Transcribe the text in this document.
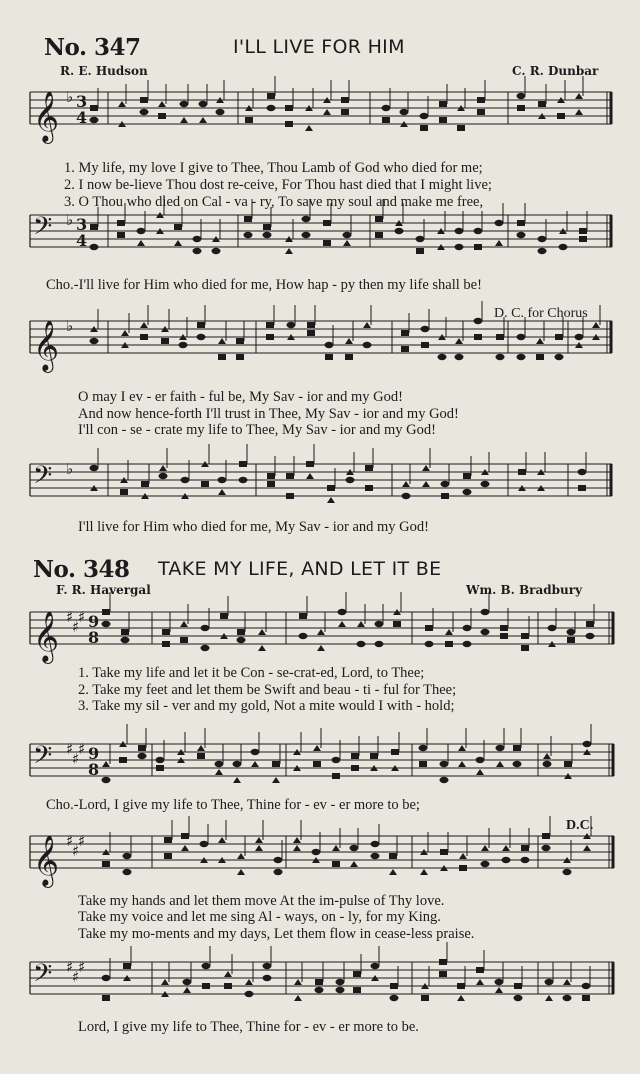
No. 347	I'LL LIVE FOR HIM
R. E. Hudson	C. R. Dunbar
𝄞 ♭ 3
4
𝄢 ♭ 3
4
𝄞 ♭
𝄢 ♭
𝄞 ♯
♯
♯ 9
8
𝄢 ♯
♯
♯ 9
8
𝄞 ♯
♯
♯
𝄢 ♯
♯
♯
1. My life, my love I give to Thee, Thou Lamb of God who died for me;
2. I now be-lieve Thou dost re-ceive, For Thou hast died that I might live;
3. O Thou who died on Cal - va - ry, To save my soul and make me free,
Cho.-I'll live for Him who died for me, How hap - py then my life shall be!
D. C. for Chorus
O may I ev - er faith - ful be, My Sav - ior and my God!
And now hence-forth I'll trust in Thee, My Sav - ior and my God!
I'll con - se - crate my life to Thee, My Sav - ior and my God!
I'll live for Him who died for me, My Sav - ior and my God!
No. 348 TAKE MY LIFE, AND LET IT BE
F. R. Havergal	Wm. B. Bradbury
1. Take my life and let it be Con - se-crat-ed, Lord, to Thee;
2. Take my feet and let them be Swift and beau - ti - ful for Thee;
3. Take my sil - ver and my gold, Not a mite would I with - hold;
Cho.-Lord, I give my life to Thee, Thine for - ev - er more to be;
D.C.
Take my hands and let them move At the im-pulse of Thy love.
Take my voice and let me sing Al - ways, on - ly, for my King.
Take my mo-ments and my days, Let them flow in cease-less praise.
Lord, I give my life to Thee, Thine for - ev - er more to be.
